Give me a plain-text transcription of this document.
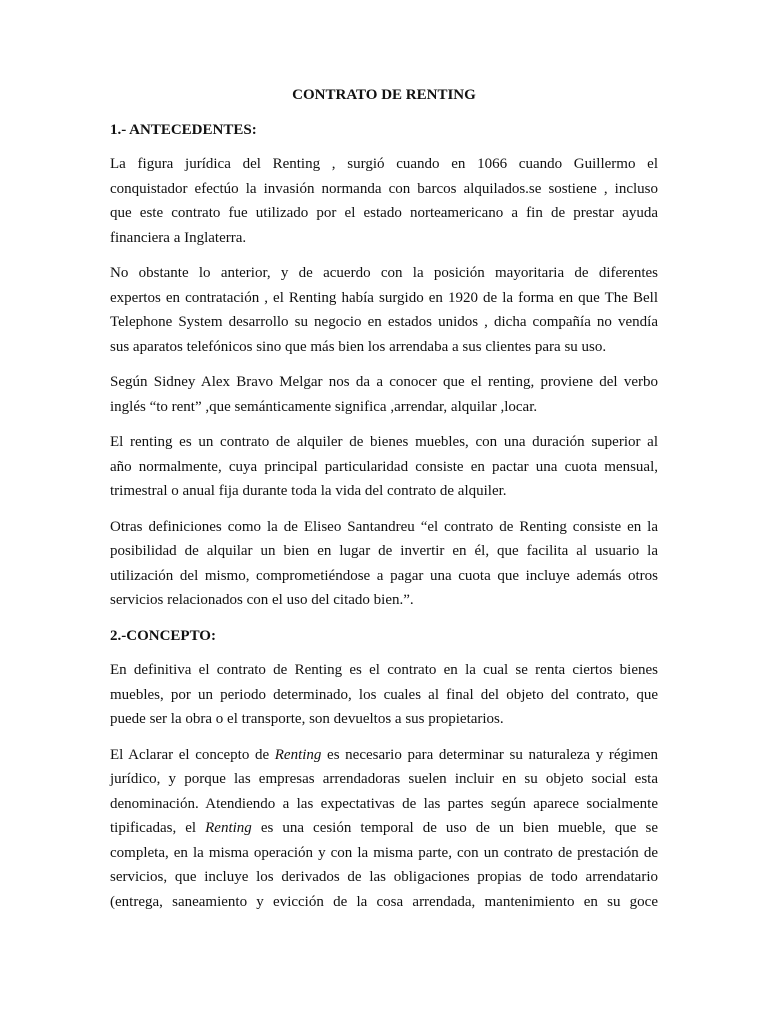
CONTRATO DE RENTING
1.- ANTECEDENTES:

La figura jurídica del Renting , surgió cuando en 1066 cuando Guillermo el
conquistador efectúo la invasión normanda con barcos alquilados.se sostiene , incluso
que este contrato fue utilizado por el estado norteamericano a fin de prestar ayuda
financiera a Inglaterra.

No obstante lo anterior, y de acuerdo con la posición mayoritaria de diferentes
expertos en contratación , el Renting había surgido en 1920 de la forma en que The Bell
Telephone System desarrollo su negocio en estados unidos , dicha compañía no vendía
sus aparatos telefónicos sino que más bien los arrendaba a sus clientes para su uso.

Según Sidney Alex Bravo Melgar nos da a conocer que el renting, proviene del verbo
inglés “to rent” ,que semánticamente significa ,arrendar, alquilar ,locar.

El renting es un contrato de alquiler de bienes muebles, con una duración superior al
año normalmente, cuya principal particularidad consiste en pactar una cuota mensual,
trimestral o anual fija durante toda la vida del contrato de alquiler.

Otras definiciones como la de Eliseo Santandreu “el contrato de Renting consiste en la
posibilidad de alquilar un bien en lugar de invertir en él, que facilita al usuario la
utilización del mismo, comprometiéndose a pagar una cuota que incluye además otros
servicios relacionados con el uso del citado bien.”.

2.-CONCEPTO:

En definitiva el contrato de Renting es el contrato en la cual se renta ciertos bienes
muebles, por un periodo determinado, los cuales al final del objeto del contrato, que
puede ser la obra o el transporte, son devueltos a sus propietarios.

El Aclarar el concepto de Renting es necesario para determinar su naturaleza y régimen
jurídico, y porque las empresas arrendadoras suelen incluir en su objeto social esta
denominación. Atendiendo a las expectativas de las partes según aparece socialmente
tipificadas, el Renting es una cesión temporal de uso de un bien mueble, que se
completa, en la misma operación y con la misma parte, con un contrato de prestación de
servicios, que incluye los derivados de las obligaciones propias de todo arrendatario
(entrega, saneamiento y evicción de la cosa arrendada, mantenimiento en su goce
